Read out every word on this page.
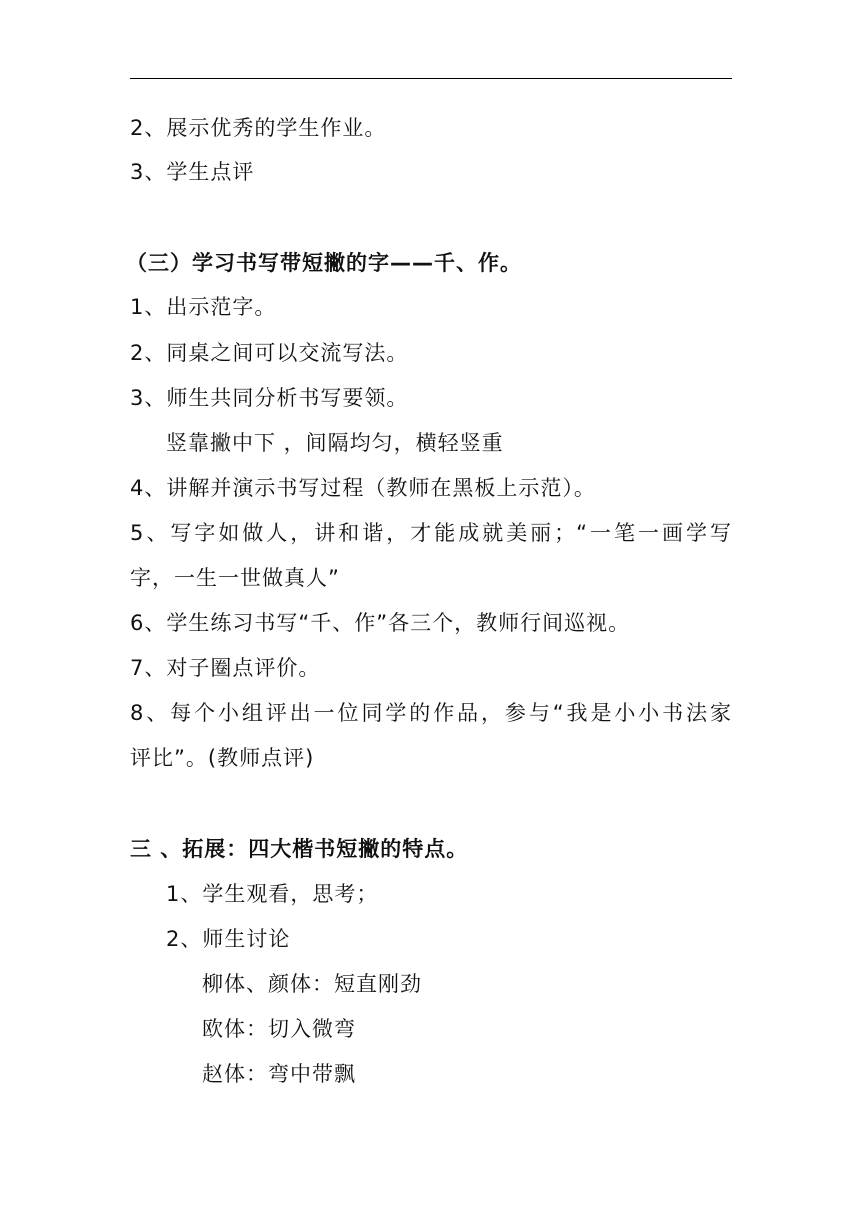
2、展示优秀的学生作业。
3、学生点评
（三）学习书写带短撇的字——千、作。
1、出示范字。
2、同桌之间可以交流写法。
3、师生共同分析书写要领。
竖靠撇中下 ，间隔均匀，横轻竖重
4、讲解并演示书写过程（教师在黑板上示范）。
5、写字如做人，讲和谐，才能成就美丽；“一笔一画学写
字，一生一世做真人”
6、学生练习书写“千、作”各三个，教师行间巡视。
7、对子圈点评价。
8、每个小组评出一位同学的作品，参与“我是小小书法家
评比”。(教师点评)
三 、拓展：四大楷书短撇的特点。
1、学生观看，思考；
2、师生讨论
柳体、颜体：短直刚劲
欧体：切入微弯
赵体：弯中带飘
